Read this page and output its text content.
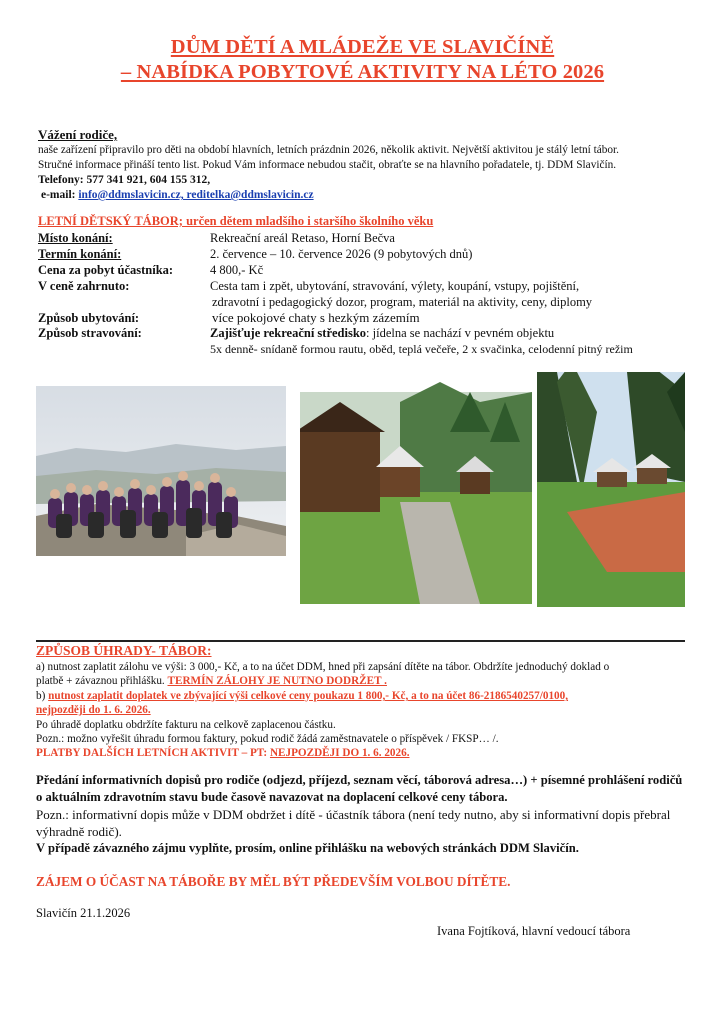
DŮM DĚTÍ A MLÁDEŽE VE SLAVIČÍNĚ
– NABÍDKA POBYTOVÉ AKTIVITY NA LÉTO 2026
Vážení rodiče,
naše zařízení připravilo pro děti na období hlavních, letních prázdnin 2026, několik aktivit. Největší aktivitou je stálý letní tábor.
Stručné informace přináší tento list. Pokud Vám informace nebudou stačit, obraťte se na hlavního pořadatele, tj. DDM Slavičín.
Telefony: 577 341 921, 604 155 312,
e-mail: info@ddmslavicin.cz, reditelka@ddmslavicin.cz
LETNÍ DĚTSKÝ TÁBOR; určen dětem mladšího i staršího školního věku
Místo konání:	Rekreační areál Retaso, Horní Bečva
Termín konání:	2. července – 10. července 2026 (9 pobytových dnů)
Cena za pobyt účastníka:	4 800,- Kč
V ceně zahrnuto:	Cesta tam i zpět, ubytování, stravování, výlety, koupání, vstupy, pojištění,
zdravotní i pedagogický dozor, program, materiál na aktivity, ceny, diplomy
Způsob ubytování:	více pokojové chaty s hezkým zázemím
Způsob stravování:	Zajišťuje rekreační středisko: jídelna se nachází v pevném objektu
5x denně- snídaně formou rautu, oběd, teplá večeře, 2 x svačinka, celodenní pitný režim
ZPŮSOB ÚHRADY- TÁBOR:
a) nutnost zaplatit zálohu ve výši: 3 000,- Kč, a to na účet DDM, hned při zapsání dítěte na tábor. Obdržíte jednoduchý doklad o
platbě + závaznou přihlášku. TERMÍN ZÁLOHY JE NUTNO DODRŽET .
b) nutnost zaplatit doplatek ve zbývající výši celkové ceny poukazu 1 800,- Kč, a to na účet 86-2186540257/0100,
nejpozději do 1. 6. 2026.
Po úhradě doplatku obdržíte fakturu na celkově zaplacenou částku.
Pozn.: možno vyřešit úhradu formou faktury, pokud rodič žádá zaměstnavatele o příspěvek / FKSP… /.
PLATBY DALŠÍCH LETNÍCH AKTIVIT – PT: NEJPOZDĚJI DO 1. 6. 2026.
Předání informativních dopisů pro rodiče (odjezd, příjezd, seznam věcí, táborová adresa…) + písemné prohlášení rodičů o aktuálním zdravotním stavu bude časově navazovat na doplacení celkové ceny tábora.
Pozn.: informativní dopis může v DDM obdržet i dítě - účastník tábora (není tedy nutno, aby si informativní dopis přebral výhradně rodič).
V případě závazného zájmu vyplňte, prosím, online přihlášku na webových stránkách DDM Slavičín.
ZÁJEM O ÚČAST NA TÁBOŘE BY MĚL BÝT PŘEDEVŠÍM VOLBOU DÍTĚTE.
Slavičín 21.1.2026
Ivana Fojtíková, hlavní vedoucí tábora
